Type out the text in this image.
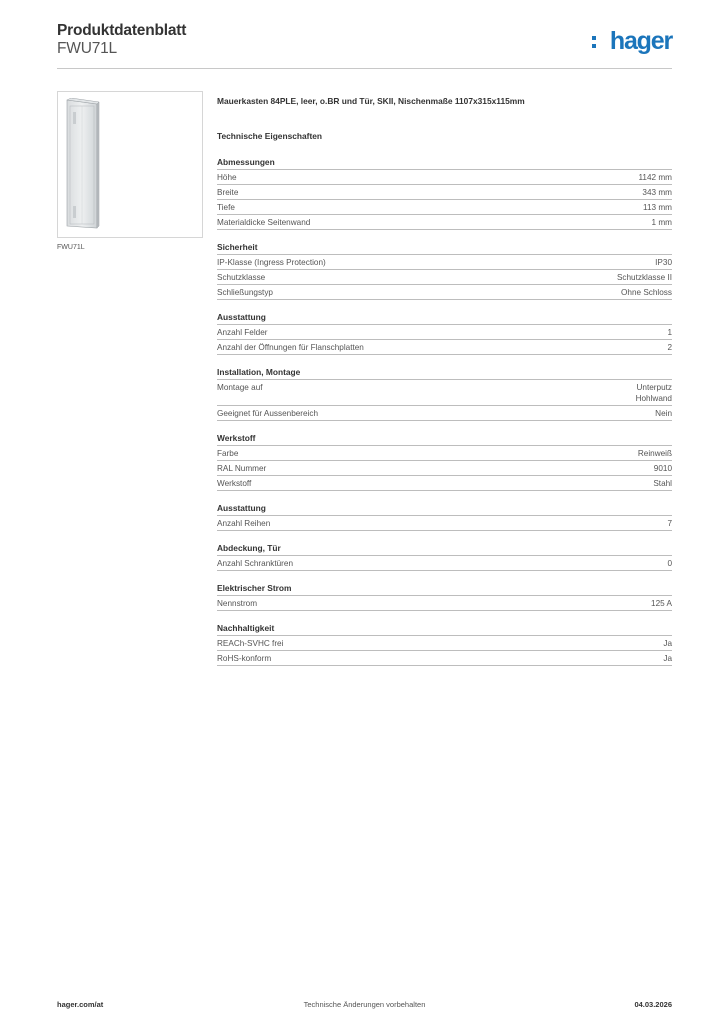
Produktdatenblatt
FWU71L	hager
FWU71L
Mauerkasten 84PLE, leer, o.BR und Tür, SKII, Nischenmaße 1107x315x115mm
Technische Eigenschaften
Abmessungen
Höhe	1142 mm
Breite	343 mm
Tiefe	113 mm
Materialdicke Seitenwand	1 mm
Sicherheit
IP-Klasse (Ingress Protection)	IP30
Schutzklasse	Schutzklasse II
Schließungstyp	Ohne Schloss
Ausstattung
Anzahl Felder	1
Anzahl der Öffnungen für Flanschplatten	2
Installation, Montage
Montage auf	Unterputz
Hohlwand
Geeignet für Aussenbereich	Nein
Werkstoff
Farbe	Reinweiß
RAL Nummer	9010
Werkstoff	Stahl
Ausstattung
Anzahl Reihen	7
Abdeckung, Tür
Anzahl Schranktüren	0
Elektrischer Strom
Nennstrom	125 A
Nachhaltigkeit
REACh-SVHC frei	Ja
RoHS-konform	Ja
hager.com/at	Technische Änderungen vorbehalten	04.03.2026
